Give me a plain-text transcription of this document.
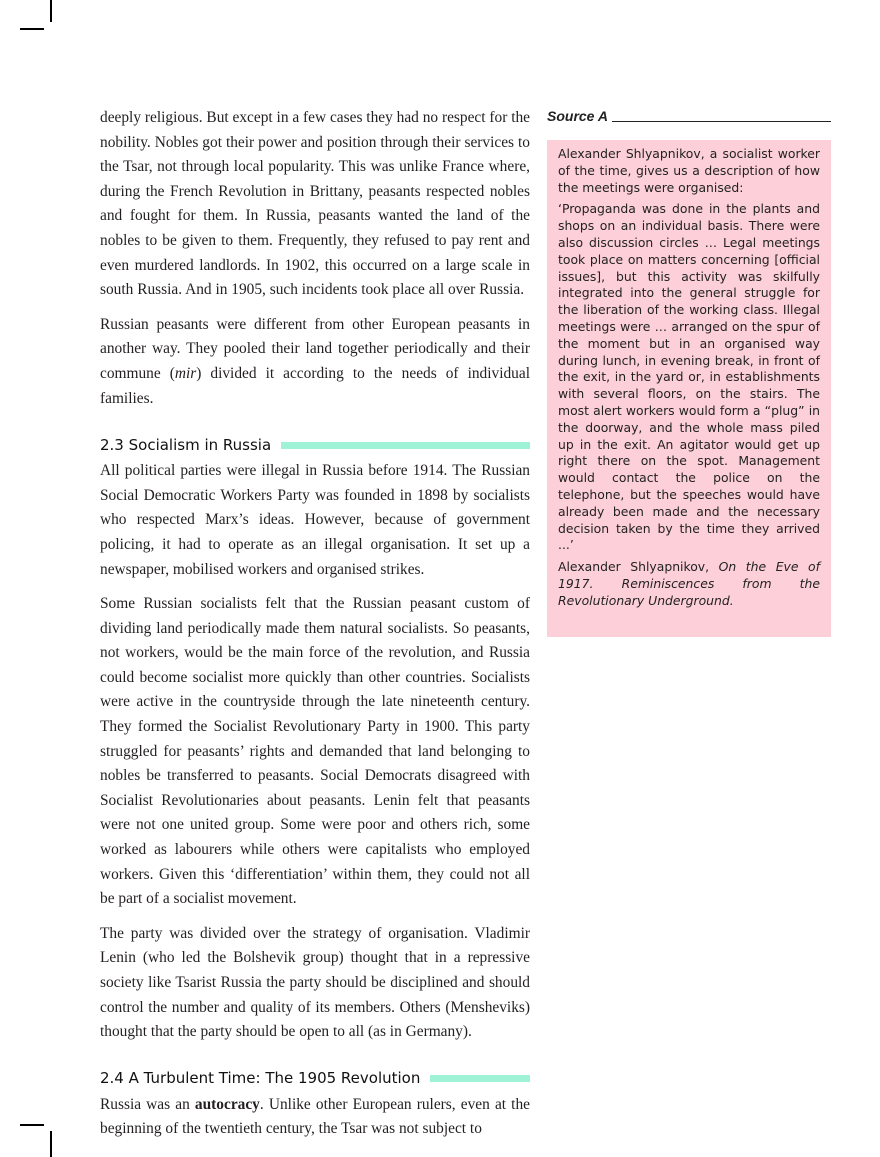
deeply religious. But except in a few cases they had no respect for the nobility. Nobles got their power and position through their services to the Tsar, not through local popularity. This was unlike France where, during the French Revolution in Brittany, peasants respected nobles and fought for them. In Russia, peasants wanted the land of the nobles to be given to them. Frequently, they refused to pay rent and even murdered landlords. In 1902, this occurred on a large scale in south Russia. And in 1905, such incidents took place all over Russia.

Russian peasants were different from other European peasants in another way. They pooled their land together periodically and their commune (mir) divided it according to the needs of individual families.

2.3 Socialism in Russia

All political parties were illegal in Russia before 1914. The Russian Social Democratic Workers Party was founded in 1898 by socialists who respected Marx’s ideas. However, because of government policing, it had to operate as an illegal organisation. It set up a newspaper, mobilised workers and organised strikes.

Some Russian socialists felt that the Russian peasant custom of dividing land periodically made them natural socialists. So peasants, not workers, would be the main force of the revolution, and Russia could become socialist more quickly than other countries. Socialists were active in the countryside through the late nineteenth century. They formed the Socialist Revolutionary Party in 1900. This party struggled for peasants’ rights and demanded that land belonging to nobles be transferred to peasants. Social Democrats disagreed with Socialist Revolutionaries about peasants. Lenin felt that peasants were not one united group. Some were poor and others rich, some worked as labourers while others were capitalists who employed workers. Given this ‘differentiation’ within them, they could not all be part of a socialist movement.

The party was divided over the strategy of organisation. Vladimir Lenin (who led the Bolshevik group) thought that in a repressive society like Tsarist Russia the party should be disciplined and should control the number and quality of its members. Others (Mensheviks) thought that the party should be open to all (as in Germany).

2.4 A Turbulent Time: The 1905 Revolution

Russia was an autocracy. Unlike other European rulers, even at the beginning of the twentieth century, the Tsar was not subject to

Source A

Alexander Shlyapnikov, a socialist worker of the time, gives us a description of how the meetings were organised:

‘Propaganda was done in the plants and shops on an individual basis. There were also discussion circles … Legal meetings took place on matters concerning [official issues], but this activity was skilfully integrated into the general struggle for the liberation of the working class. Illegal meetings were … arranged on the spur of the moment but in an organised way during lunch, in evening break, in front of the exit, in the yard or, in establishments with several floors, on the stairs. The most alert workers would form a “plug” in the doorway, and the whole mass piled up in the exit. An agitator would get up right there on the spot. Management would contact the police on the telephone, but the speeches would have already been made and the necessary decision taken by the time they arrived ...’

Alexander Shlyapnikov, On the Eve of 1917. Reminiscences from the Revolutionary Underground.
